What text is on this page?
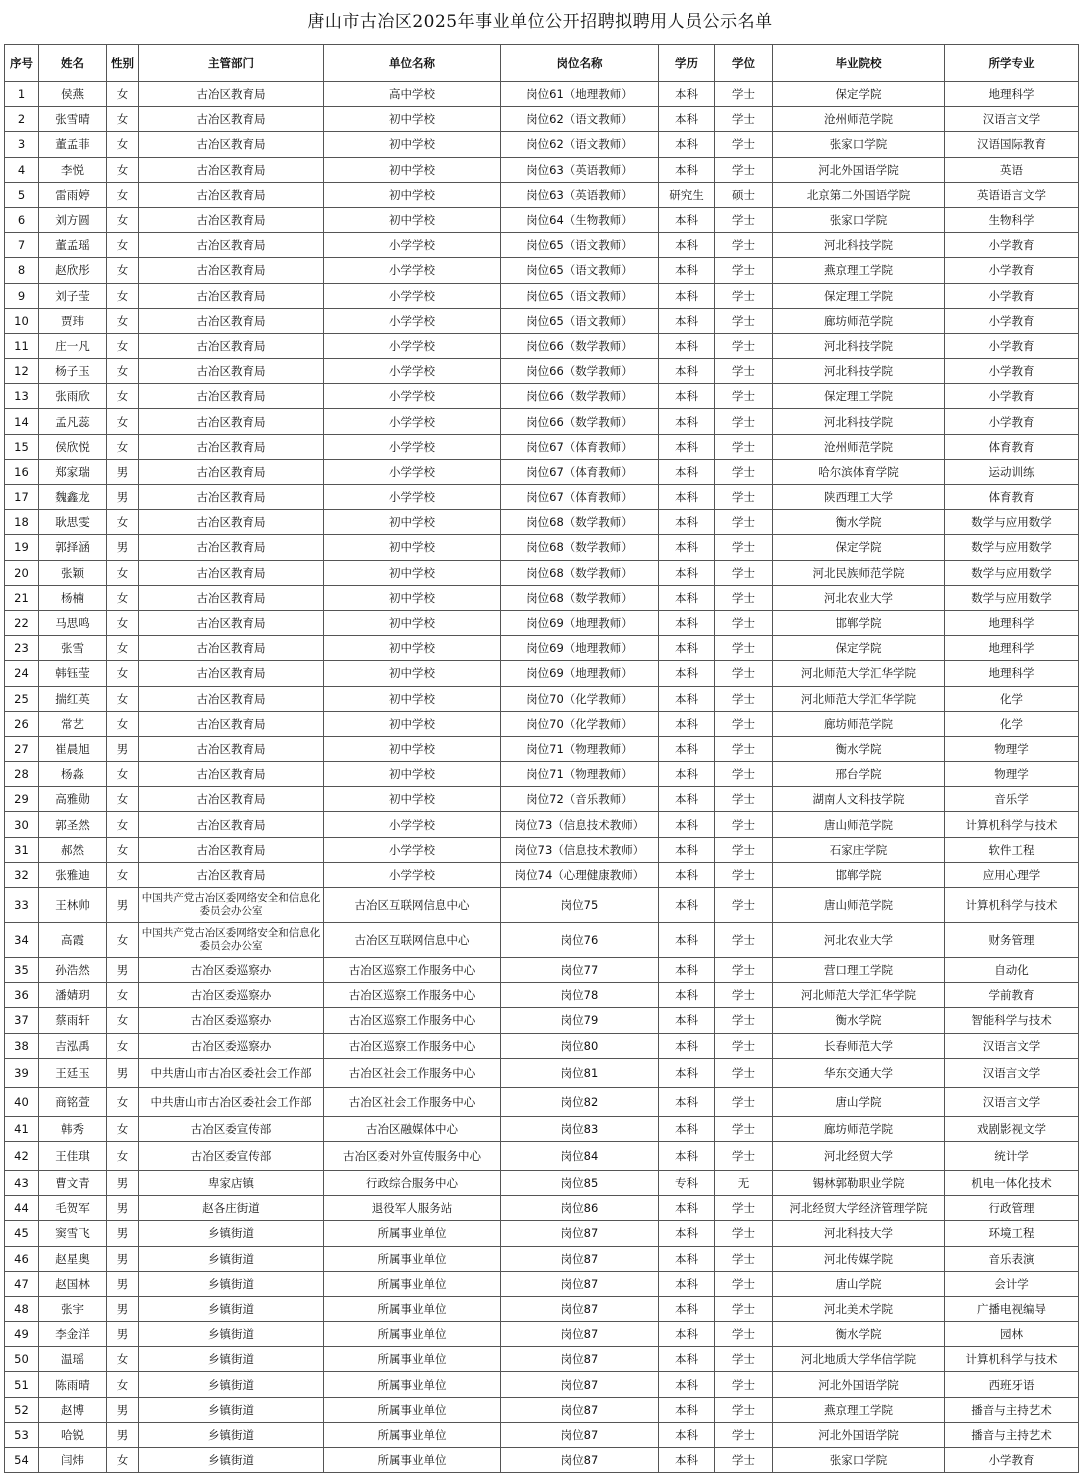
唐山市古冶区2025年事业单位公开招聘拟聘用人员公示名单
序号	姓名	性别	主管部门	单位名称	岗位名称	学历	学位	毕业院校	所学专业
1	侯燕	女	古冶区教育局	高中学校	岗位61（地理教师）	本科	学士	保定学院	地理科学
2	张雪晴	女	古冶区教育局	初中学校	岗位62（语文教师）	本科	学士	沧州师范学院	汉语言文学
3	董孟菲	女	古冶区教育局	初中学校	岗位62（语文教师）	本科	学士	张家口学院	汉语国际教育
4	李悦	女	古冶区教育局	初中学校	岗位63（英语教师）	本科	学士	河北外国语学院	英语
5	雷雨婷	女	古冶区教育局	初中学校	岗位63（英语教师）	研究生	硕士	北京第二外国语学院	英语语言文学
6	刘方圆	女	古冶区教育局	初中学校	岗位64（生物教师）	本科	学士	张家口学院	生物科学
7	董孟瑶	女	古冶区教育局	小学学校	岗位65（语文教师）	本科	学士	河北科技学院	小学教育
8	赵欣彤	女	古冶区教育局	小学学校	岗位65（语文教师）	本科	学士	燕京理工学院	小学教育
9	刘子莹	女	古冶区教育局	小学学校	岗位65（语文教师）	本科	学士	保定理工学院	小学教育
10	贾玮	女	古冶区教育局	小学学校	岗位65（语文教师）	本科	学士	廊坊师范学院	小学教育
11	庄一凡	女	古冶区教育局	小学学校	岗位66（数学教师）	本科	学士	河北科技学院	小学教育
12	杨子玉	女	古冶区教育局	小学学校	岗位66（数学教师）	本科	学士	河北科技学院	小学教育
13	张雨欣	女	古冶区教育局	小学学校	岗位66（数学教师）	本科	学士	保定理工学院	小学教育
14	孟凡蕊	女	古冶区教育局	小学学校	岗位66（数学教师）	本科	学士	河北科技学院	小学教育
15	侯欣悦	女	古冶区教育局	小学学校	岗位67（体育教师）	本科	学士	沧州师范学院	体育教育
16	郑家瑞	男	古冶区教育局	小学学校	岗位67（体育教师）	本科	学士	哈尔滨体育学院	运动训练
17	魏鑫龙	男	古冶区教育局	小学学校	岗位67（体育教师）	本科	学士	陕西理工大学	体育教育
18	耿思雯	女	古冶区教育局	初中学校	岗位68（数学教师）	本科	学士	衡水学院	数学与应用数学
19	郭择涵	男	古冶区教育局	初中学校	岗位68（数学教师）	本科	学士	保定学院	数学与应用数学
20	张颖	女	古冶区教育局	初中学校	岗位68（数学教师）	本科	学士	河北民族师范学院	数学与应用数学
21	杨楠	女	古冶区教育局	初中学校	岗位68（数学教师）	本科	学士	河北农业大学	数学与应用数学
22	马思鸣	女	古冶区教育局	初中学校	岗位69（地理教师）	本科	学士	邯郸学院	地理科学
23	张雪	女	古冶区教育局	初中学校	岗位69（地理教师）	本科	学士	保定学院	地理科学
24	韩钰莹	女	古冶区教育局	初中学校	岗位69（地理教师）	本科	学士	河北师范大学汇华学院	地理科学
25	揣红英	女	古冶区教育局	初中学校	岗位70（化学教师）	本科	学士	河北师范大学汇华学院	化学
26	常艺	女	古冶区教育局	初中学校	岗位70（化学教师）	本科	学士	廊坊师范学院	化学
27	崔晨旭	男	古冶区教育局	初中学校	岗位71（物理教师）	本科	学士	衡水学院	物理学
28	杨淼	女	古冶区教育局	初中学校	岗位71（物理教师）	本科	学士	邢台学院	物理学
29	高雅勋	女	古冶区教育局	初中学校	岗位72（音乐教师）	本科	学士	湖南人文科技学院	音乐学
30	郭圣然	女	古冶区教育局	小学学校	岗位73（信息技术教师）	本科	学士	唐山师范学院	计算机科学与技术
31	郝然	女	古冶区教育局	小学学校	岗位73（信息技术教师）	本科	学士	石家庄学院	软件工程
32	张雅迪	女	古冶区教育局	小学学校	岗位74（心理健康教师）	本科	学士	邯郸学院	应用心理学
33	王林帅	男	中国共产党古冶区委网络安全和信息化委员会办公室	古冶区互联网信息中心	岗位75	本科	学士	唐山师范学院	计算机科学与技术
34	高霞	女	中国共产党古冶区委网络安全和信息化委员会办公室	古冶区互联网信息中心	岗位76	本科	学士	河北农业大学	财务管理
35	孙浩然	男	古冶区委巡察办	古冶区巡察工作服务中心	岗位77	本科	学士	营口理工学院	自动化
36	潘婧玥	女	古冶区委巡察办	古冶区巡察工作服务中心	岗位78	本科	学士	河北师范大学汇华学院	学前教育
37	蔡雨轩	女	古冶区委巡察办	古冶区巡察工作服务中心	岗位79	本科	学士	衡水学院	智能科学与技术
38	吉泓禹	女	古冶区委巡察办	古冶区巡察工作服务中心	岗位80	本科	学士	长春师范大学	汉语言文学
39	王廷玉	男	中共唐山市古冶区委社会工作部	古冶区社会工作服务中心	岗位81	本科	学士	华东交通大学	汉语言文学
40	商铭萱	女	中共唐山市古冶区委社会工作部	古冶区社会工作服务中心	岗位82	本科	学士	唐山学院	汉语言文学
41	韩秀	女	古冶区委宣传部	古冶区融媒体中心	岗位83	本科	学士	廊坊师范学院	戏剧影视文学
42	王佳琪	女	古冶区委宣传部	古冶区委对外宣传服务中心	岗位84	本科	学士	河北经贸大学	统计学
43	曹文青	男	卑家店镇	行政综合服务中心	岗位85	专科	无	锡林郭勒职业学院	机电一体化技术
44	毛贺军	男	赵各庄街道	退役军人服务站	岗位86	本科	学士	河北经贸大学经济管理学院	行政管理
45	窦雪飞	男	乡镇街道	所属事业单位	岗位87	本科	学士	河北科技大学	环境工程
46	赵星奥	男	乡镇街道	所属事业单位	岗位87	本科	学士	河北传媒学院	音乐表演
47	赵国林	男	乡镇街道	所属事业单位	岗位87	本科	学士	唐山学院	会计学
48	张宇	男	乡镇街道	所属事业单位	岗位87	本科	学士	河北美术学院	广播电视编导
49	李金洋	男	乡镇街道	所属事业单位	岗位87	本科	学士	衡水学院	园林
50	温瑶	女	乡镇街道	所属事业单位	岗位87	本科	学士	河北地质大学华信学院	计算机科学与技术
51	陈雨晴	女	乡镇街道	所属事业单位	岗位87	本科	学士	河北外国语学院	西班牙语
52	赵博	男	乡镇街道	所属事业单位	岗位87	本科	学士	燕京理工学院	播音与主持艺术
53	哈锐	男	乡镇街道	所属事业单位	岗位87	本科	学士	河北外国语学院	播音与主持艺术
54	闫炜	女	乡镇街道	所属事业单位	岗位87	本科	学士	张家口学院	小学教育
